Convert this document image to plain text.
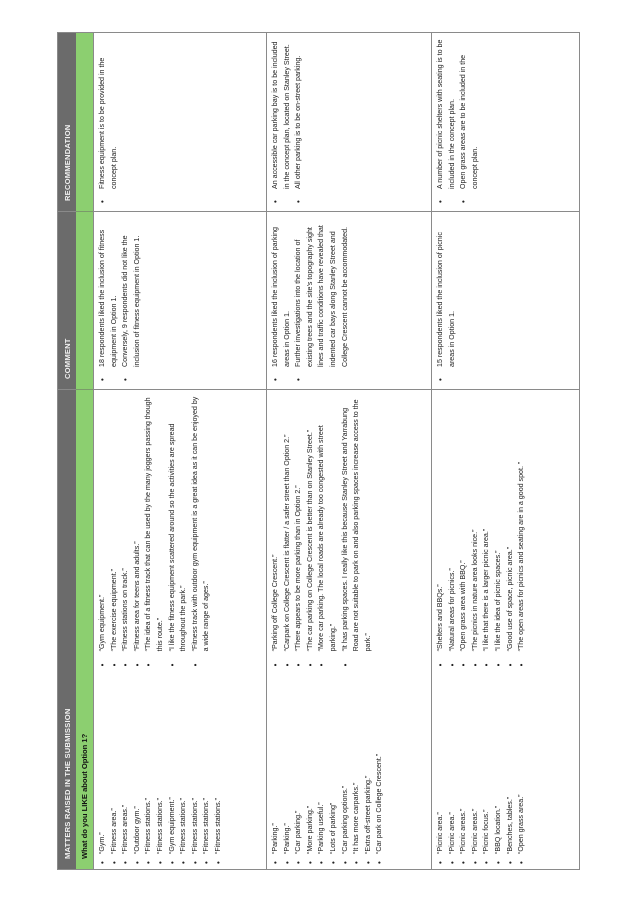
MATTERS RAISED IN THE SUBMISSION
COMMENT
RECOMMENDATION
What do you LIKE about Option 1?	• “Gym.” • “Fitness area.” • “Fitness areas.” • “Outdoor gym.” • “Fitness stations.” • “Fitness stations.” • “Gym equipment.” • “Fitness stations.” • “Fitness stations.” • “Fitness stations.” • “Fitness stations.”
• “Gym equipment.” • “The exercise equipment.” • “Fitness stations on track.” • “Fitness area for teens and adults.” • “The idea of a fitness track that can be used by the many joggers passing though this route.” • “I like the fitness equipment scattered around so the activities are spread throughout the park.” • “Fitness track with outdoor gym equipment is a great idea as it can be enjoyed by a wide range of ages.”
• 18 respondents liked the inclusion of fitness equipment in Option 1. • Conversely, 9 respondents did not like the inclusion of fitness equipment in Option 1.
• Fitness equipment is to be provided in the concept plan.
• “Parking.” • “Parking.” • “Car parking.” • “More parking.” • “Parking useful.” • “Lots of parking” • “Car parking options.” • “It has more carparks.” • “Extra off-street parking.” • “Car park on College Crescent.”
• “Parking off College Crescent.” • “Carpark on College Crescent is flatter / a safer street than Option 2.” • “There appears to be more parking than in Option 2.” • “The car parking on College Crescent is better than on Stanley Street.” • “More car parking. The local roads are already too congested with street parking.” • “It has parking spaces. I really like this because Stanley Street and Yarrabung Road are not suitable to park on and also parking spaces increase access to the park.”
• 16 respondents liked the inclusion of parking areas in Option 1. • Further investigations into the location of existing trees and the site’s topography sight lines and traffic conditions have revealed that indented car bays along Stanley Street and College Crescent cannot be accommodated.
• An accessible car parking bay is to be included in the concept plan, located on Stanley Street. • All other parking is to be on-street parking.
• “Picnic area.” • “Picnic area.” • “Picnic areas.” • “Picnic areas.” • “Picnic focus.” • “BBQ location.” • “Benches, tables.” • “Open grass area.”
• “Shelters and BBQs.” • “Natural areas for picnics.” • “Open grass area with BBQ.” • “The picnics in nature area looks nice.” • “I like that there is a larger picnic area.” • “I like the idea of picnic spaces.” • “Good use of space, picnic area.” • “The open areas for picnics and seating are in a good spot. ”
• 15 respondents liked the inclusion of picnic areas in Option 1.
• A number of picnic shelters with seating is to be included in the concept plan. • Open grass areas are to be included in the concept plan.
